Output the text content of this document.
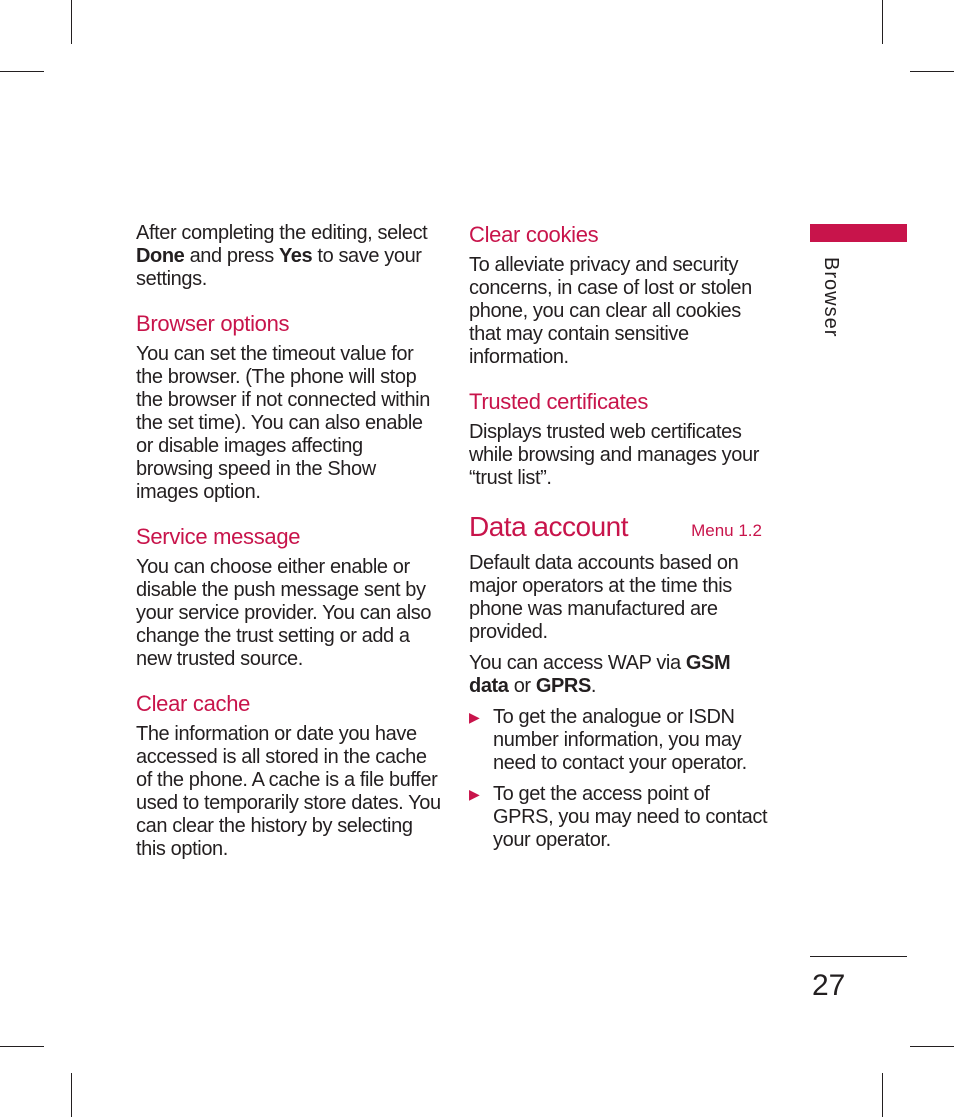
After completing the editing, select Done and press Yes to save your settings.

Browser options

You can set the timeout value for the browser. (The phone will stop the browser if not connected within the set time). You can also enable or disable images affecting browsing speed in the Show images option.

Service message

You can choose either enable or disable the push message sent by your service provider. You can also change the trust setting or add a new trusted source.

Clear cache

The information or date you have accessed is all stored in the cache of the phone. A cache is a file buffer used to temporarily store dates. You can clear the history by selecting this option.

Clear cookies

To alleviate privacy and security concerns, in case of lost or stolen phone, you can clear all cookies that may contain sensitive information.

Trusted certificates

Displays trusted web certificates while browsing and manages your “trust list”.

Data account	Menu 1.2

Default data accounts based on major operators at the time this phone was manufactured are provided.

You can access WAP via GSM data or GPRS.

▶ To get the analogue or ISDN number information, you may need to contact your operator.
▶ To get the access point of GPRS, you may need to contact your operator.
Browser
27
